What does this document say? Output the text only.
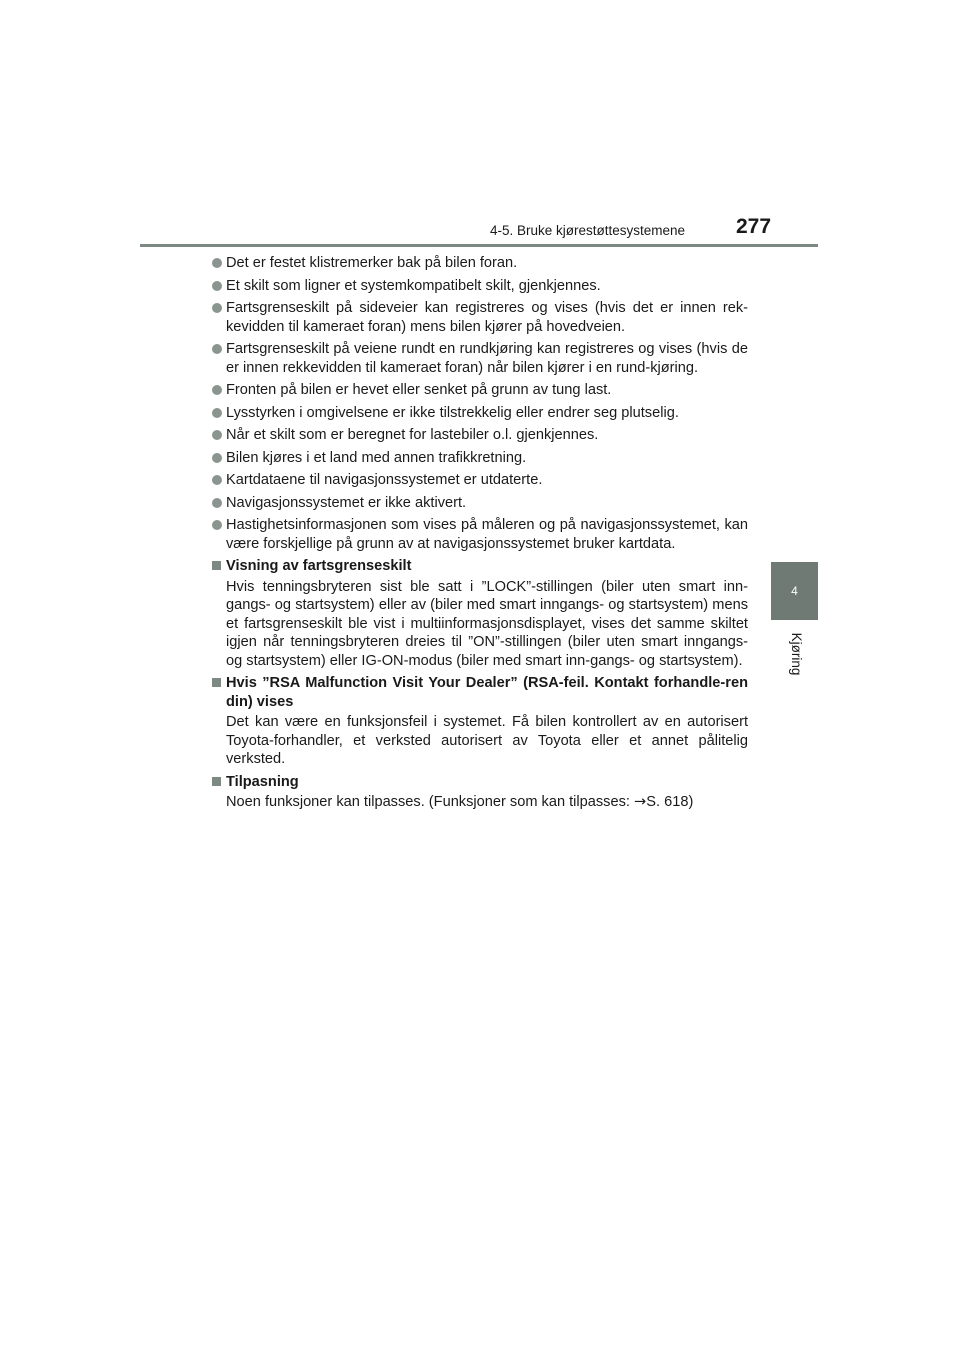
4-5. Bruke kjørestøttesystemene	277
4
Kjøring
Det er festet klistremerker bak på bilen foran.
Et skilt som ligner et systemkompatibelt skilt, gjenkjennes.
Fartsgrenseskilt på sideveier kan registreres og vises (hvis det er innen rek-kevidden til kameraet foran) mens bilen kjører på hovedveien.
Fartsgrenseskilt på veiene rundt en rundkjøring kan registreres og vises (hvis de er innen rekkevidden til kameraet foran) når bilen kjører i en rund-kjøring.
Fronten på bilen er hevet eller senket på grunn av tung last.
Lysstyrken i omgivelsene er ikke tilstrekkelig eller endrer seg plutselig.
Når et skilt som er beregnet for lastebiler o.l. gjenkjennes.
Bilen kjøres i et land med annen trafikkretning.
Kartdataene til navigasjonssystemet er utdaterte.
Navigasjonssystemet er ikke aktivert.
Hastighetsinformasjonen som vises på måleren og på navigasjonssystemet, kan være forskjellige på grunn av at navigasjonssystemet bruker kartdata.
Visning av fartsgrenseskilt
Hvis tenningsbryteren sist ble satt i ”LOCK”-stillingen (biler uten smart inn-gangs- og startsystem) eller av (biler med smart inngangs- og startsystem) mens et fartsgrenseskilt ble vist i multiinformasjonsdisplayet, vises det samme skiltet igjen når tenningsbryteren dreies til ”ON”-stillingen (biler uten smart inngangs- og startsystem) eller IG-ON-modus (biler med smart inn-gangs- og startsystem).
Hvis ”RSA Malfunction Visit Your Dealer” (RSA-feil. Kontakt forhandle-ren din) vises
Det kan være en funksjonsfeil i systemet. Få bilen kontrollert av en autorisert Toyota-forhandler, et verksted autorisert av Toyota eller et annet pålitelig verksted.
Tilpasning
Noen funksjoner kan tilpasses. (Funksjoner som kan tilpasses: →S. 618)
